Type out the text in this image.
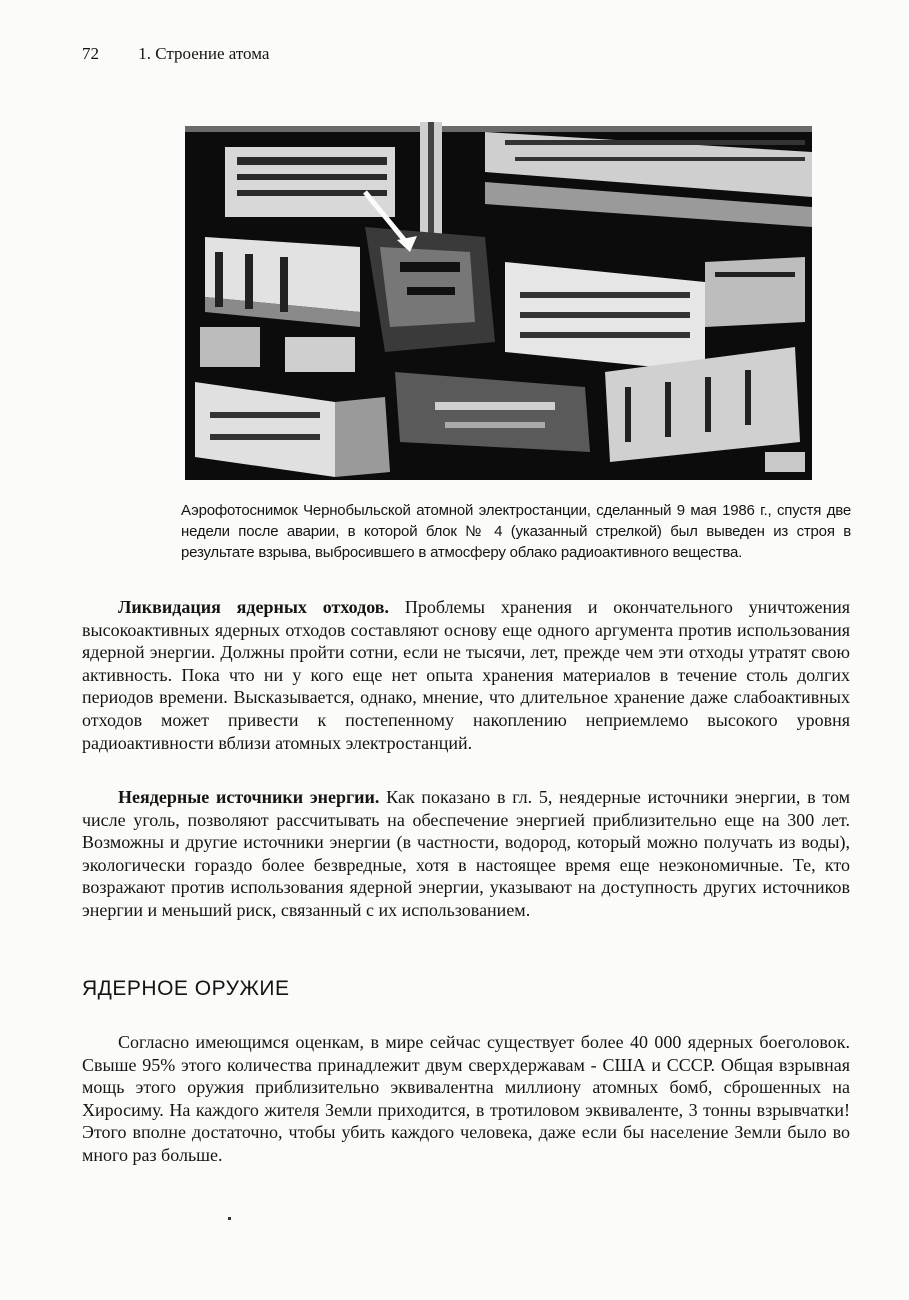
72 1. Строение атома
Аэрофотоснимок Чернобыльской атомной электростанции, сделанный 9 мая 1986 г., спустя две недели после аварии, в которой блок № 4 (указанный стрелкой) был выведен из строя в результате взрыва, выбросившего в атмосферу облако радиоактивного вещества.

Ликвидация ядерных отходов. Проблемы хранения и окончательного уничтожения высокоактивных ядерных отходов составляют основу еще одного аргумента против использования ядерной энергии. Должны пройти сотни, если не тысячи, лет, прежде чем эти отходы утратят свою активность. Пока что ни у кого еще нет опыта хранения материалов в течение столь долгих периодов времени. Высказывается, однако, мнение, что длительное хранение даже слабоактивных отходов может привести к постепенному накоплению неприемлемо высокого уровня радиоактивности вблизи атомных электростанций.

Неядерные источники энергии. Как показано в гл. 5, неядерные источники энергии, в том числе уголь, позволяют рассчитывать на обеспечение энергией приблизительно еще на 300 лет. Возможны и другие источники энергии (в частности, водород, который можно получать из воды), экологически гораздо более безвредные, хотя в настоящее время еще неэкономичные. Те, кто возражают против использования ядерной энергии, указывают на доступность других источников энергии и меньший риск, связанный с их использованием.

ЯДЕРНОЕ ОРУЖИЕ

Согласно имеющимся оценкам, в мире сейчас существует более 40 000 ядерных боеголовок. Свыше 95% этого количества принадлежит двум сверхдержавам - США и СССР. Общая взрывная мощь этого оружия приблизительно эквивалентна миллиону атомных бомб, сброшенных на Хиросиму. На каждого жителя Земли приходится, в тротиловом эквиваленте, 3 тонны взрывчатки! Этого вполне достаточно, чтобы убить каждого человека, даже если бы население Земли было во много раз больше.
